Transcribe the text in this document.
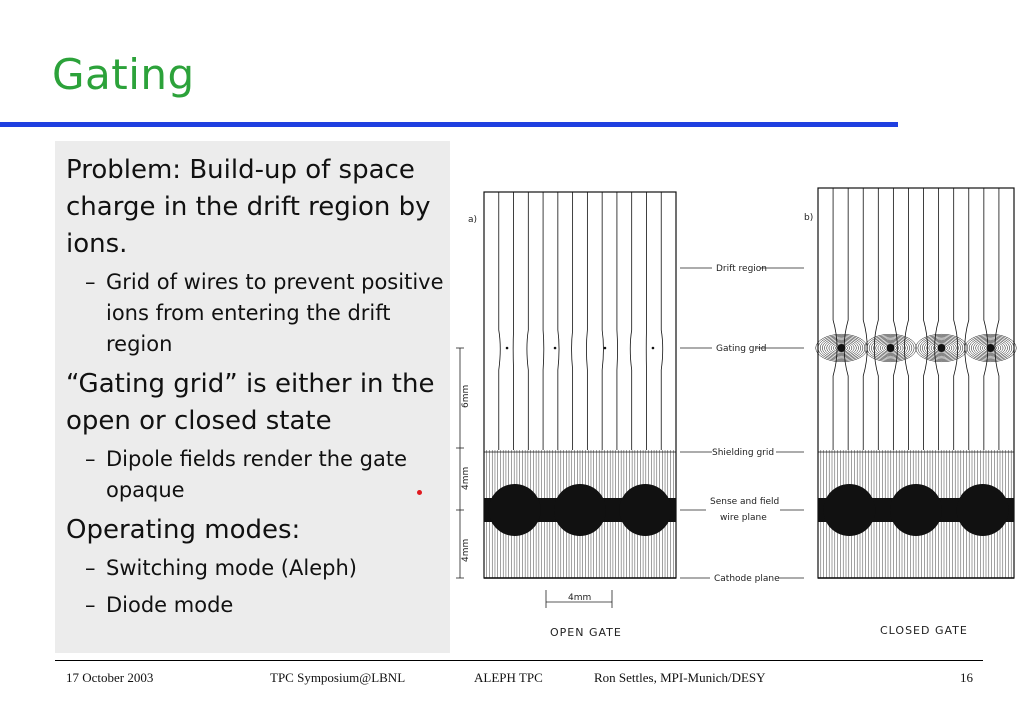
Gating
Problem: Build-up of space charge in the drift region by ions.
– Grid of wires to prevent positive ions from entering the drift region
“Gating grid” is either in the open or closed state
– Dipole fields render the gate opaque
Operating modes:
– Switching mode (Aleph)
– Diode mode
a)	b)
6mm
4mm
4mm
Drift region
Gating grid
Shielding grid
Sense and field
wire plane
Cathode plane
4mm
OPEN GATE	CLOSED GATE
17 October 2003	TPC Symposium@LBNL	ALEPH TPC	Ron Settles, MPI-Munich/DESY	16
